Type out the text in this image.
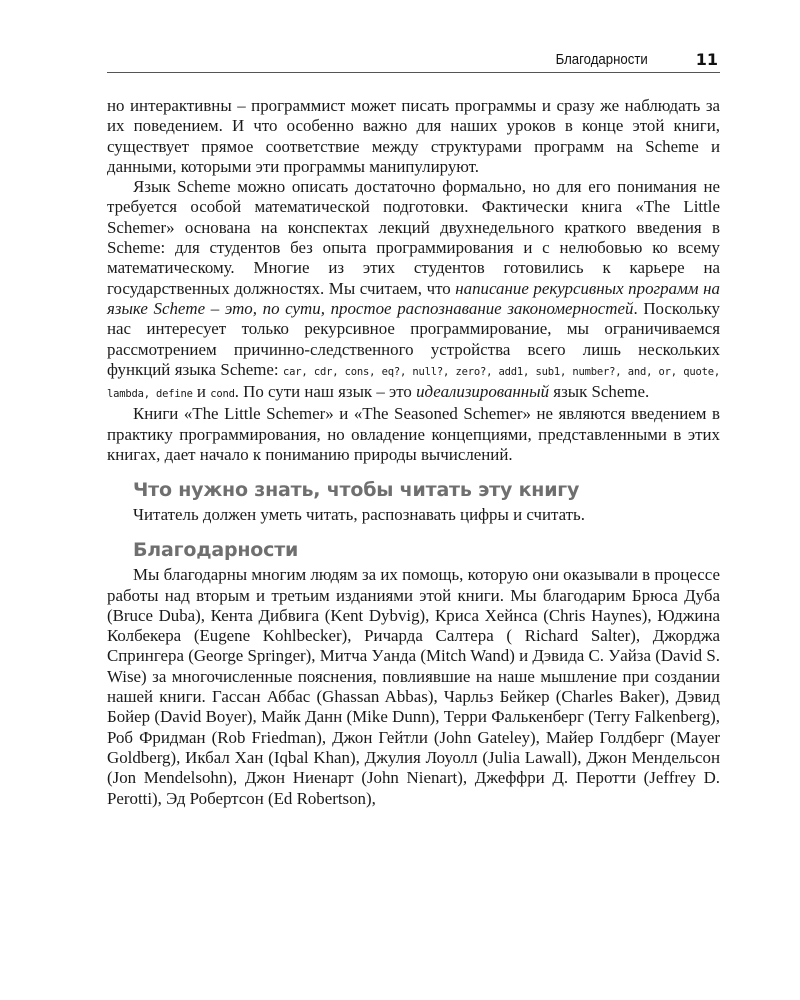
Благодарности	11

но интерактивны – программист может писать программы и сразу же наблюдать за их поведением. И что особенно важно для наших уроков в конце этой книги, существует прямое соответствие между структурами программ на Scheme и данными, которыми эти программы манипулируют.

Язык Scheme можно описать достаточно формально, но для его понимания не требуется особой математической подготовки. Фактически книга «The Little Schemer» основана на конспектах лекций двухнедельного краткого введения в Scheme: для студентов без опыта программирования и с нелюбовью ко всему математическому. Многие из этих студентов готовились к карьере на государственных должностях. Мы считаем, что написание рекурсивных программ на языке Scheme – это, по сути, простое распознавание закономерностей. Поскольку нас интересует только рекурсивное программирование, мы ограничиваемся рассмотрением причинно-следственного устройства всего лишь нескольких функций языка Scheme: car, cdr, cons, eq?, null?, zero?, add1, sub1, number?, and, or, quote, lambda, define и cond. По сути наш язык – это идеализированный язык Scheme.

Книги «The Little Schemer» и «The Seasoned Schemer» не являются введением в практику программирования, но овладение концепциями, представленными в этих книгах, дает начало к пониманию природы вычислений.

Что нужно знать, чтобы читать эту книгу

Читатель должен уметь читать, распознавать цифры и считать.

Благодарности

Мы благодарны многим людям за их помощь, которую они оказывали в процессе работы над вторым и третьим изданиями этой книги. Мы благодарим Брюса Дуба (Bruce Duba), Кента Дибвига (Kent Dybvig), Криса Хейнса (Chris Haynes), Юджина Колбекера (Eugene Kohlbecker), Ричарда Салтера ( Richard Salter), Джорджа Спрингера (George Springer), Митча Уанда (Mitch Wand) и Дэвида С. Уайза (David S. Wise) за многочисленные пояснения, повлиявшие на наше мышление при создании нашей книги. Гассан Аббас (Ghassan Abbas), Чарльз Бейкер (Charles Baker), Дэвид Бойер (David Boyer), Майк Данн (Mike Dunn), Терри Фалькенберг (Terry Falkenberg), Роб Фридман (Rob Friedman), Джон Гейтли (John Gateley), Майер Голдберг (Mayer Goldberg), Икбал Хан (Iqbal Khan), Джулия Лоуолл (Julia Lawall), Джон Мендельсон (Jon Mendelsohn), Джон Ниенарт (John Nienart), Джеффри Д. Перотти (Jeffrey D. Perotti), Эд Робертсон (Ed Robertson),
